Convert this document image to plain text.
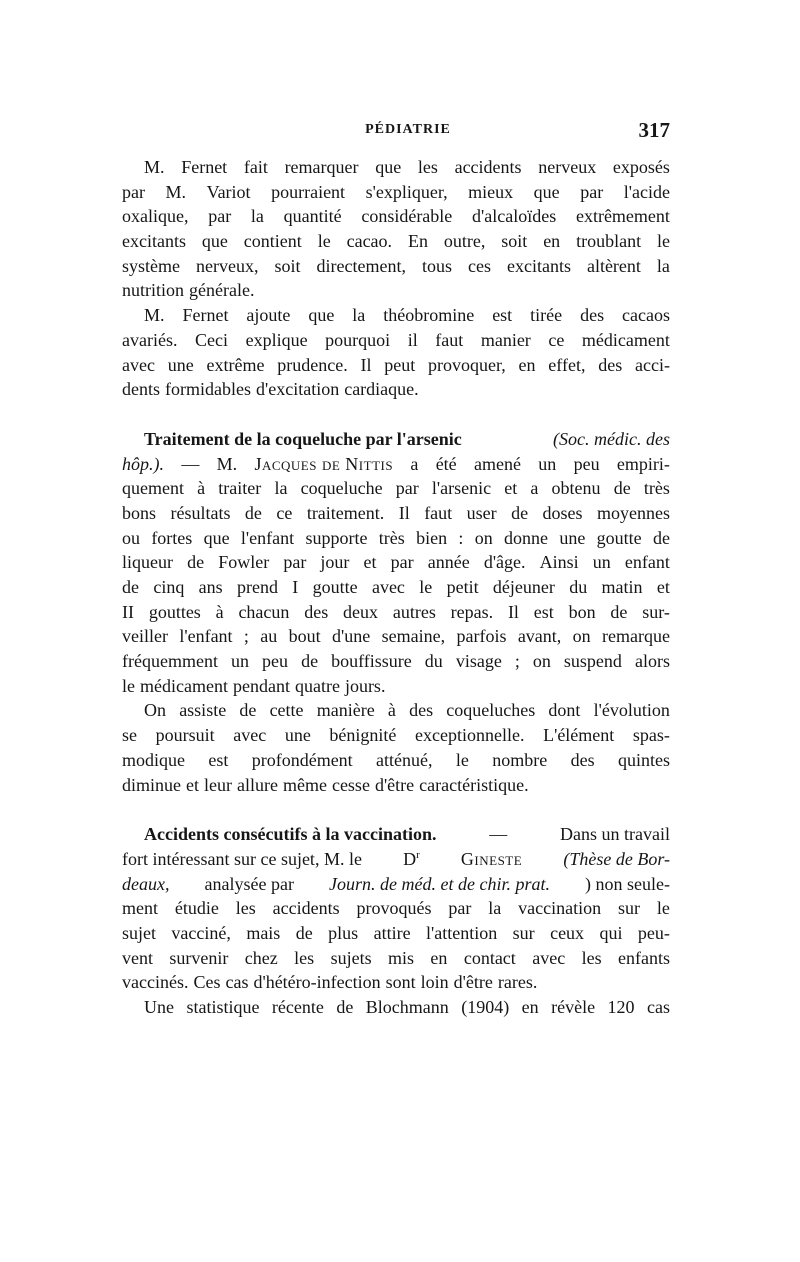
PÉDIATRIE	317
M. Fernet fait remarquer que les accidents nerveux exposés
par M. Variot pourraient s'expliquer, mieux que par l'acide
oxalique, par la quantité considérable d'alcaloïdes extrêmement
excitants que contient le cacao. En outre, soit en troublant le
système nerveux, soit directement, tous ces excitants altèrent la
nutrition générale.
M. Fernet ajoute que la théobromine est tirée des cacaos
avariés. Ceci explique pourquoi il faut manier ce médicament
avec une extrême prudence. Il peut provoquer, en effet, des acci-
dents formidables d'excitation cardiaque.
Traitement de la coqueluche par l'arsenic	(Soc. médic. des
hôp.). — M. Jacques de Nittis a été amené un peu empiri-
quement à traiter la coqueluche par l'arsenic et a obtenu de très
bons résultats de ce traitement. Il faut user de doses moyennes
ou fortes que l'enfant supporte très bien : on donne une goutte de
liqueur de Fowler par jour et par année d'âge. Ainsi un enfant
de cinq ans prend I goutte avec le petit déjeuner du matin et
II gouttes à chacun des deux autres repas. Il est bon de sur-
veiller l'enfant ; au bout d'une semaine, parfois avant, on remarque
fréquemment un peu de bouffissure du visage ; on suspend alors
le médicament pendant quatre jours.
On assiste de cette manière à des coqueluches dont l'évolution
se poursuit avec une bénignité exceptionnelle. L'élément spas-
modique est profondément atténué, le nombre des quintes
diminue et leur allure même cesse d'être caractéristique.
Accidents consécutifs à la vaccination.	—	Dans un travail
fort intéressant sur ce sujet, M. le $D^r$ Gineste (Thèse de Bor-
deaux, analysée par Journ. de méd. et de chir. prat. ) non seule-
ment étudie les accidents provoqués par la vaccination sur le
sujet vacciné, mais de plus attire l'attention sur ceux qui peu-
vent survenir chez les sujets mis en contact avec les enfants
vaccinés. Ces cas d'hétéro-infection sont loin d'être rares.
Une statistique récente de Blochmann (1904) en révèle 120 cas
